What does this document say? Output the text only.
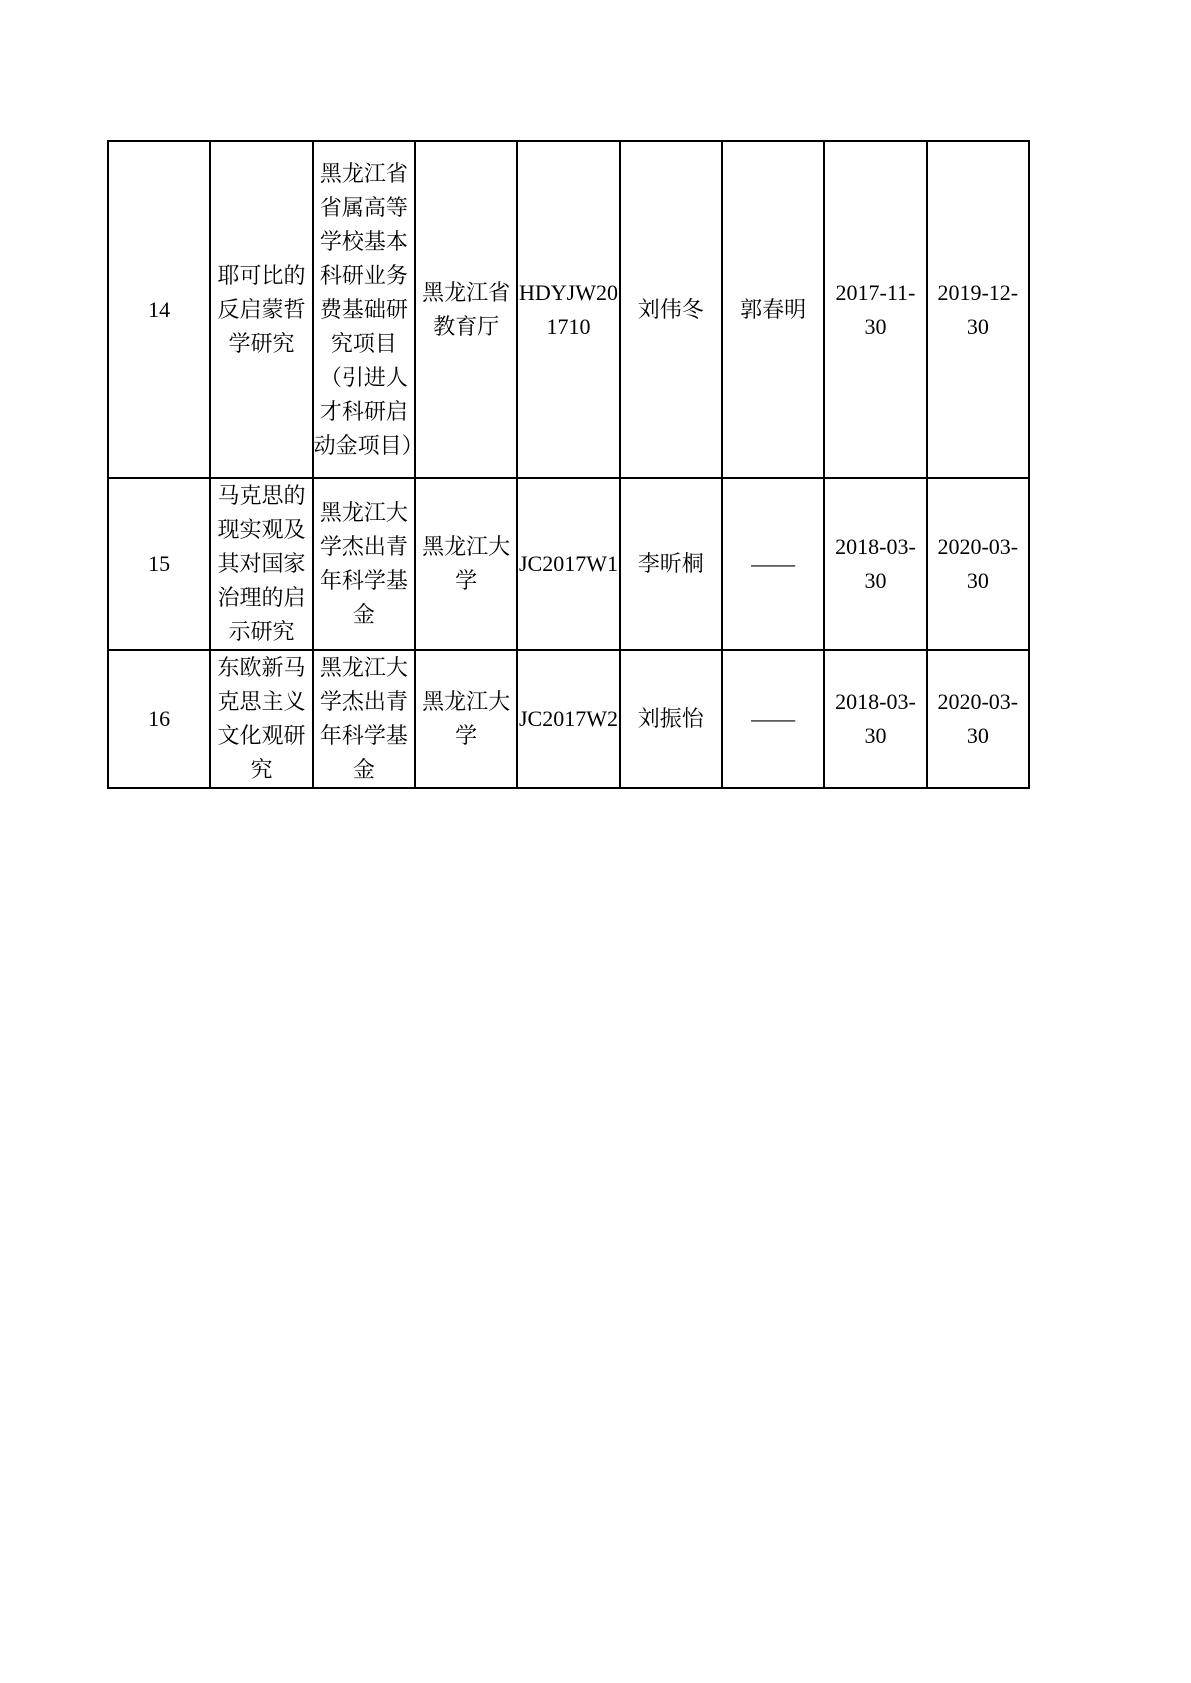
14	耶可比的反启蒙哲学研究	黑龙江省省属高等学校基本科研业务费基础研究项目（引进人才科研启动金项目）	黑龙江省教育厅	HDYJW201710	刘伟冬	郭春明	2017-11-30	2019-12-30
15	马克思的现实观及其对国家治理的启示研究	黑龙江大学杰出青年科学基金	黑龙江大学	JC2017W1	李昕桐	——	2018-03-30	2020-03-30
16	东欧新马克思主义文化观研究	黑龙江大学杰出青年科学基金	黑龙江大学	JC2017W2	刘振怡	——	2018-03-30	2020-03-30
